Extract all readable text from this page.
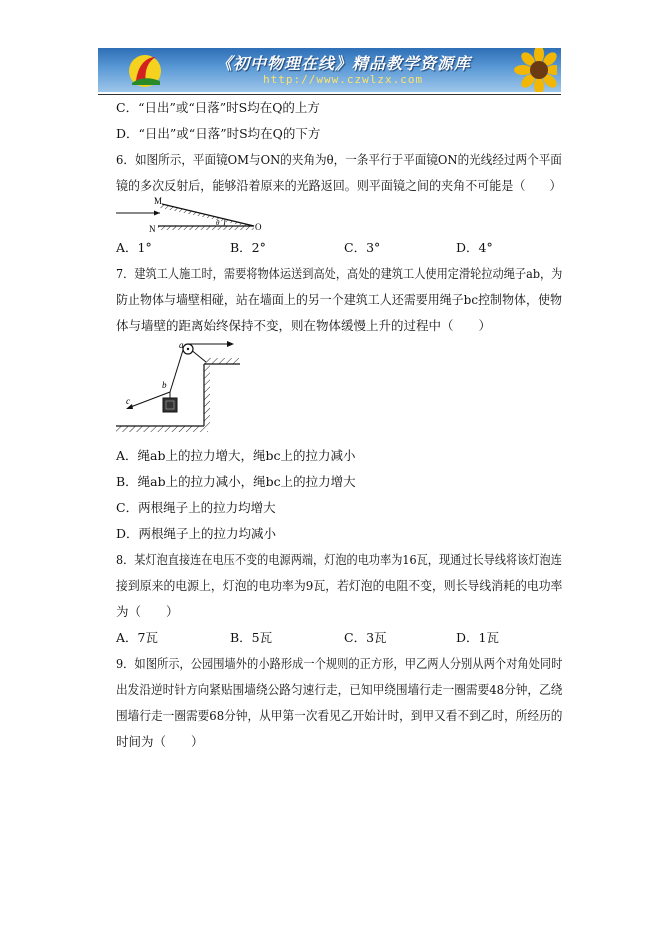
《初中物理在线》精品教学资源库
http://www.czwlzx.com
C．“日出”或“日落”时S均在Q的上方
D．“日出”或“日落”时S均在Q的下方
6．如图所示，平面镜OM与ON的夹角为θ，一条平行于平面镜ON的光线经过两个平面
镜的多次反射后，能够沿着原来的光路返回。则平面镜之间的夹角不可能是（　　）
M
N	O
θ
A．1°	B．2°	C．3°	D．4°
7．建筑工人施工时，需要将物体运送到高处，高处的建筑工人使用定滑轮拉动绳子ab，为
防止物体与墙壁相碰，站在墙面上的另一个建筑工人还需要用绳子bc控制物体，使物
体与墙壁的距离始终保持不变，则在物体缓慢上升的过程中（　　）
a
b
c
A．绳ab上的拉力增大，绳bc上的拉力减小
B．绳ab上的拉力减小，绳bc上的拉力增大
C．两根绳子上的拉力均增大
D．两根绳子上的拉力均减小
8．某灯泡直接连在电压不变的电源两端，灯泡的电功率为16瓦，现通过长导线将该灯泡连
接到原来的电源上，灯泡的电功率为9瓦，若灯泡的电阻不变，则长导线消耗的电功率
为（　　）
A．7瓦	B．5瓦	C．3瓦	D．1瓦
9．如图所示，公园围墙外的小路形成一个规则的正方形，甲乙两人分别从两个对角处同时
出发沿逆时针方向紧贴围墙绕公路匀速行走，已知甲绕围墙行走一圈需要48分钟，乙绕
围墙行走一圈需要68分钟，从甲第一次看见乙开始计时，到甲又看不到乙时，所经历的
时间为（　　）
